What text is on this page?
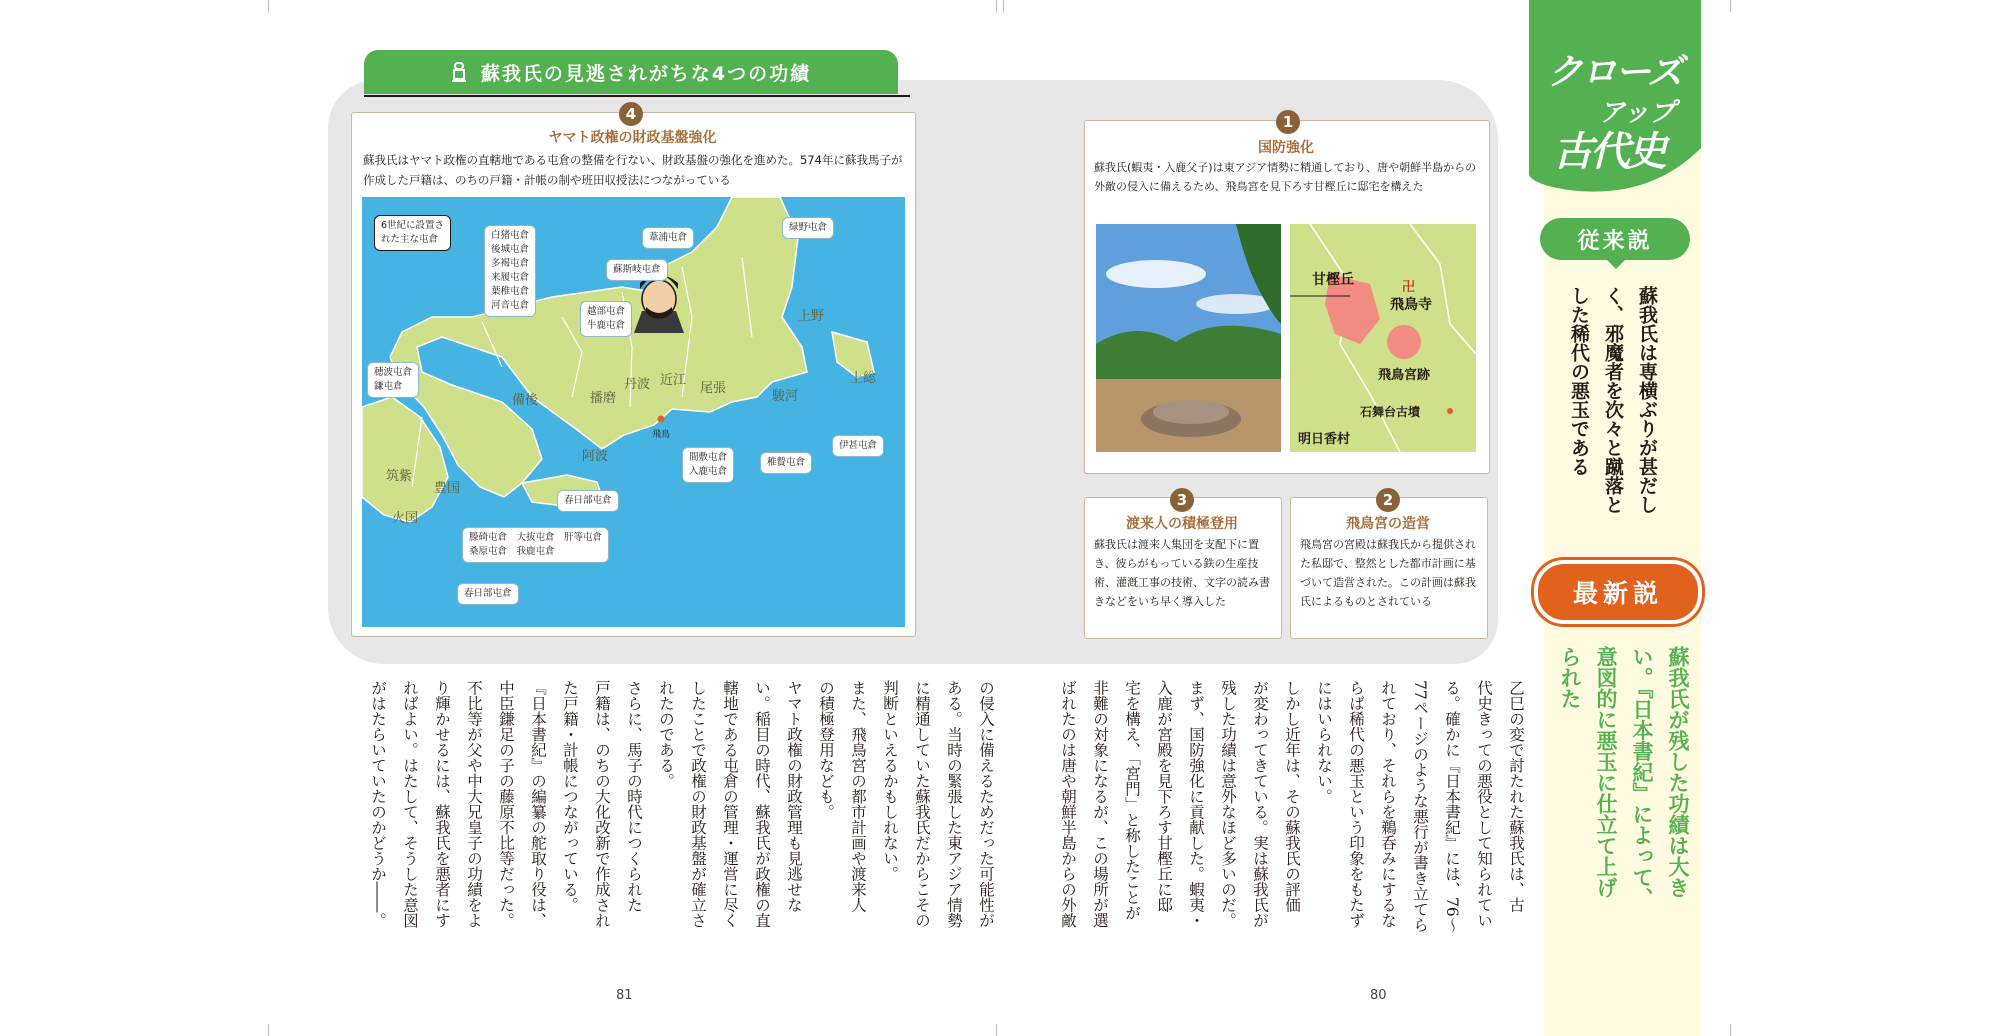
蘇我氏の見逃されがちな4つの功績
4
ヤマト政権の財政基盤強化
蘇我氏はヤマト政権の直轄地である屯倉の整備を行ない、財政基盤の強化を進めた。574年に蘇我馬子が作成した戸籍は、のちの戸籍・計帳の制や班田収授法につながっている
6世紀に設置さ
れた主な屯倉	白猪屯倉
後城屯倉
多褐屯倉
来履屯倉
葉稚屯倉
河音屯倉
葦浦屯倉
緑野屯倉
蘇斯岐屯倉
越部屯倉
牛鹿屯倉
穂波屯倉
鎌屯倉
間敷屯倉
入鹿屯倉
稚贄屯倉
伊甚屯倉
春日部屯倉
滕碕屯倉　大抜屯倉　肝等屯倉
桑原屯倉　我鹿屯倉
春日部屯倉
上野
上総
駿河
尾張
近江
丹波
播磨
備後
阿波
筑紫
豊国
火国
飛鳥
1
国防強化
蘇我氏(蝦夷・入鹿父子)は東アジア情勢に精通しており、唐や朝鮮半島からの外敵の侵入に備えるため、飛鳥宮を見下ろす甘樫丘に邸宅を構えた
甘樫丘	卍
飛鳥寺
飛鳥宮跡
石舞台古墳
明日香村
3
渡来人の積極登用
蘇我氏は渡来人集団を支配下に置き、彼らがもっている鉄の生産技術、灌漑工事の技術、文字の読み書きなどをいち早く導入した
2
飛鳥宮の造営
飛鳥宮の宮殿は蘇我氏から提供された私邸で、整然とした都市計画に基づいて造営された。この計画は蘇我氏によるものとされている
の侵入に備えるためだった可能性が
ある。当時の緊張した東アジア情勢
に精通していた蘇我氏だからこその
判断といえるかもしれない。
また、飛鳥宮の都市計画や渡来人
の積極登用なども。
ヤマト政権の財政管理も見逃せな
い。稲目の時代、蘇我氏が政権の直
轄地である屯倉の管理・運営に尽く
したことで政権の財政基盤が確立さ
れたのである。
さらに、馬子の時代につくられた
戸籍は、のちの大化改新で作成され
た戸籍・計帳につながっている。
『日本書紀』の編纂の舵取り役は、
中臣鎌足の子の藤原不比等だった。
不比等が父や中大兄皇子の功績をよ
り輝かせるには、蘇我氏を悪者にす
ればよい。はたして、そうした意図
がはたらいていたのかどうか――。	乙巳の変で討たれた蘇我氏は、古
代史きっての悪役として知られてい
る。確かに『日本書紀』には、76～
77ページのような悪行が書き立てら
れており、それらを鵜呑みにするな
らば稀代の悪玉という印象をもたず
にはいられない。
しかし近年は、その蘇我氏の評価
が変わってきている。実は蘇我氏が
残した功績は意外なほど多いのだ。
まず、国防強化に貢献した。蝦夷・
入鹿が宮殿を見下ろす甘樫丘に邸
宅を構え、「宮門」と称したことが
非難の対象になるが、この場所が選
ばれたのは唐や朝鮮半島からの外敵
81	80
クローズ
アップ
古代史
従来説
蘇我氏は専横ぶりが甚だし
く、邪魔者を次々と蹴落と
した稀代の悪玉である
最新説
蘇我氏が残した功績は大き
い。『日本書紀』によって、
意図的に悪玉に仕立て上げ
られた
